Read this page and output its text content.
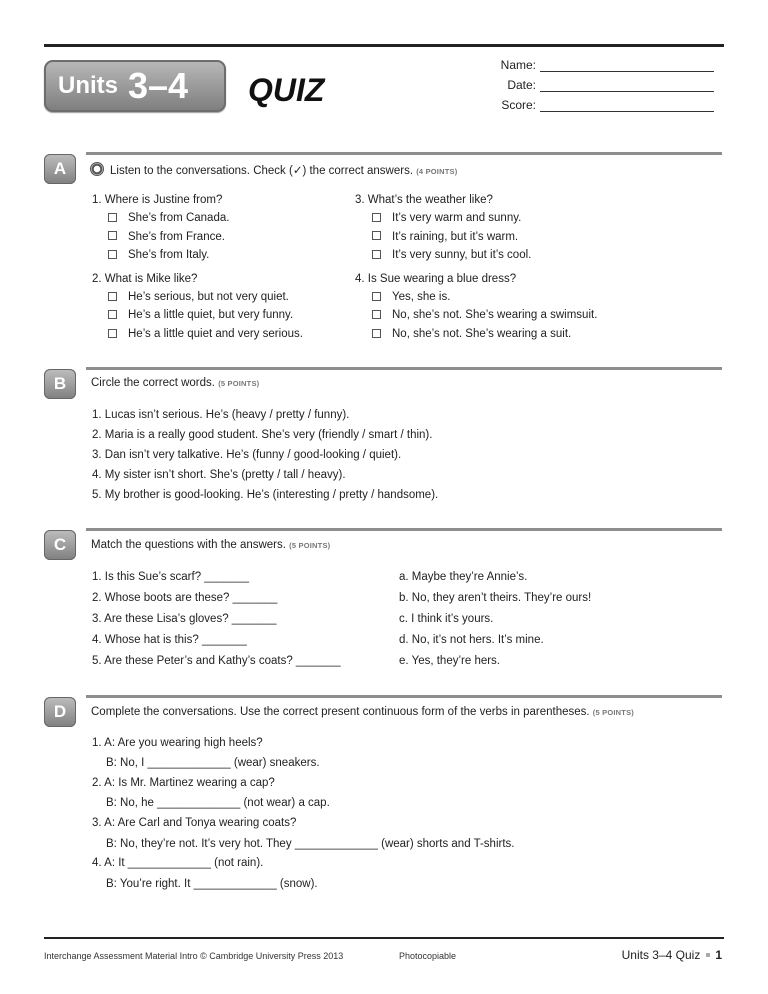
Units 3–4 QUIZ
Name:
Date:
Score:
A	Listen to the conversations. Check (✓) the correct answers. (4 POINTS)
1. Where is Justine from?
She’s from Canada.
She’s from France.
She’s from Italy.
2. What is Mike like?
He’s serious, but not very quiet.
He’s a little quiet, but very funny.
He’s a little quiet and very serious.
3. What’s the weather like?
It’s very warm and sunny.
It’s raining, but it’s warm.
It’s very sunny, but it’s cool.
4. Is Sue wearing a blue dress?
Yes, she is.
No, she’s not. She’s wearing a swimsuit.
No, she’s not. She’s wearing a suit.
B	Circle the correct words. (5 POINTS)
1. Lucas isn’t serious. He’s (heavy / pretty / funny).
2. Maria is a really good student. She’s very (friendly / smart / thin).
3. Dan isn’t very talkative. He’s (funny / good-looking / quiet).
4. My sister isn’t short. She’s (pretty / tall / heavy).
5. My brother is good-looking. He’s (interesting / pretty / handsome).
C	Match the questions with the answers. (5 POINTS)
1. Is this Sue’s scarf? _______
2. Whose boots are these? _______
3. Are these Lisa’s gloves? _______
4. Whose hat is this? _______
5. Are these Peter’s and Kathy’s coats? _______
a. Maybe they’re Annie’s.
b. No, they aren’t theirs. They’re ours!
c. I think it’s yours.
d. No, it’s not hers. It’s mine.
e. Yes, they’re hers.
D	Complete the conversations. Use the correct present continuous form of the verbs in parentheses. (5 POINTS)
1. A: Are you wearing high heels?
B: No, I _____________ (wear) sneakers.
2. A: Is Mr. Martinez wearing a cap?
B: No, he _____________ (not wear) a cap.
3. A: Are Carl and Tonya wearing coats?
B: No, they’re not. It’s very hot. They _____________ (wear) shorts and T-shirts.
4. A: It _____________ (not rain).
B: You’re right. It _____________ (snow).
Interchange Assessment Material Intro © Cambridge University Press 2013	Photocopiable	Units 3–4 Quiz 1
